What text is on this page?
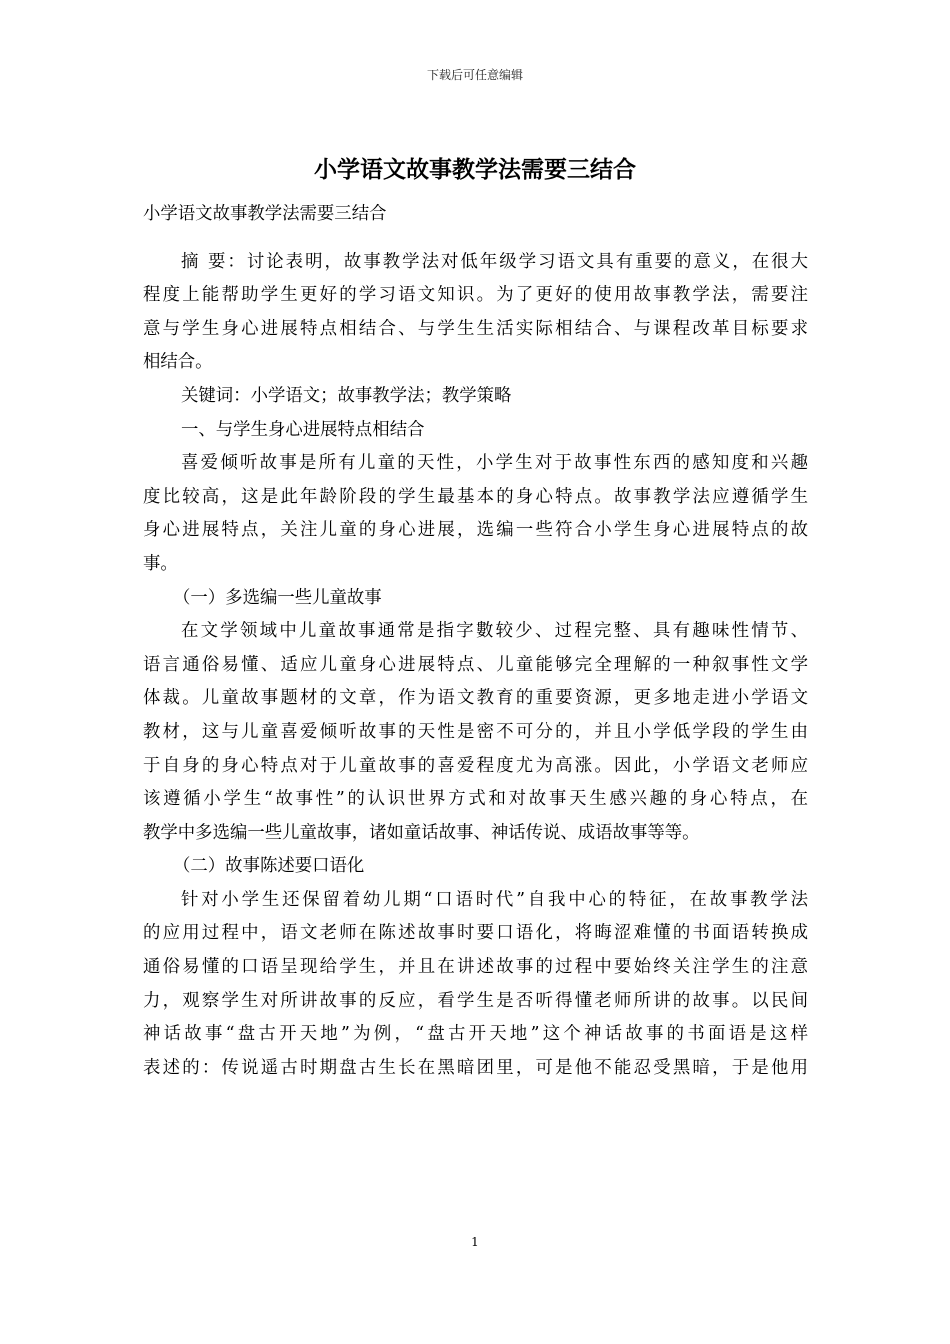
下载后可任意编辑
小学语文故事教学法需要三结合
小学语文故事教学法需要三结合
摘 要：讨论表明，故事教学法对低年级学习语文具有重要的意义，在很大
程度上能帮助学生更好的学习语文知识。为了更好的使用故事教学法，需要注
意与学生身心进展特点相结合、与学生生活实际相结合、与课程改革目标要求
相结合。
关键词：小学语文；故事教学法；教学策略
一、与学生身心进展特点相结合
喜爱倾听故事是所有儿童的天性，小学生对于故事性东西的感知度和兴趣
度比较高，这是此年龄阶段的学生最基本的身心特点。故事教学法应遵循学生
身心进展特点，关注儿童的身心进展，选编一些符合小学生身心进展特点的故
事。
（一）多选编一些儿童故事
在文学领域中儿童故事通常是指字數较少、过程完整、具有趣味性情节、
语言通俗易懂、适应儿童身心进展特点、儿童能够完全理解的一种叙事性文学
体裁。儿童故事题材的文章，作为语文教育的重要资源，更多地走进小学语文
教材，这与儿童喜爱倾听故事的天性是密不可分的，并且小学低学段的学生由
于自身的身心特点对于儿童故事的喜爱程度尤为高涨。因此，小学语文老师应
该遵循小学生“故事性”的认识世界方式和对故事天生感兴趣的身心特点，在
教学中多选编一些儿童故事，诸如童话故事、神话传说、成语故事等等。
（二）故事陈述要口语化
针对小学生还保留着幼儿期“口语时代”自我中心的特征，在故事教学法
的应用过程中，语文老师在陈述故事时要口语化，将晦涩难懂的书面语转换成
通俗易懂的口语呈现给学生，并且在讲述故事的过程中要始终关注学生的注意
力，观察学生对所讲故事的反应，看学生是否听得懂老师所讲的故事。以民间
神话故事“盘古开天地”为例，“盘古开天地”这个神话故事的书面语是这样
表述的：传说遥古时期盘古生长在黑暗团里，可是他不能忍受黑暗，于是他用
1
